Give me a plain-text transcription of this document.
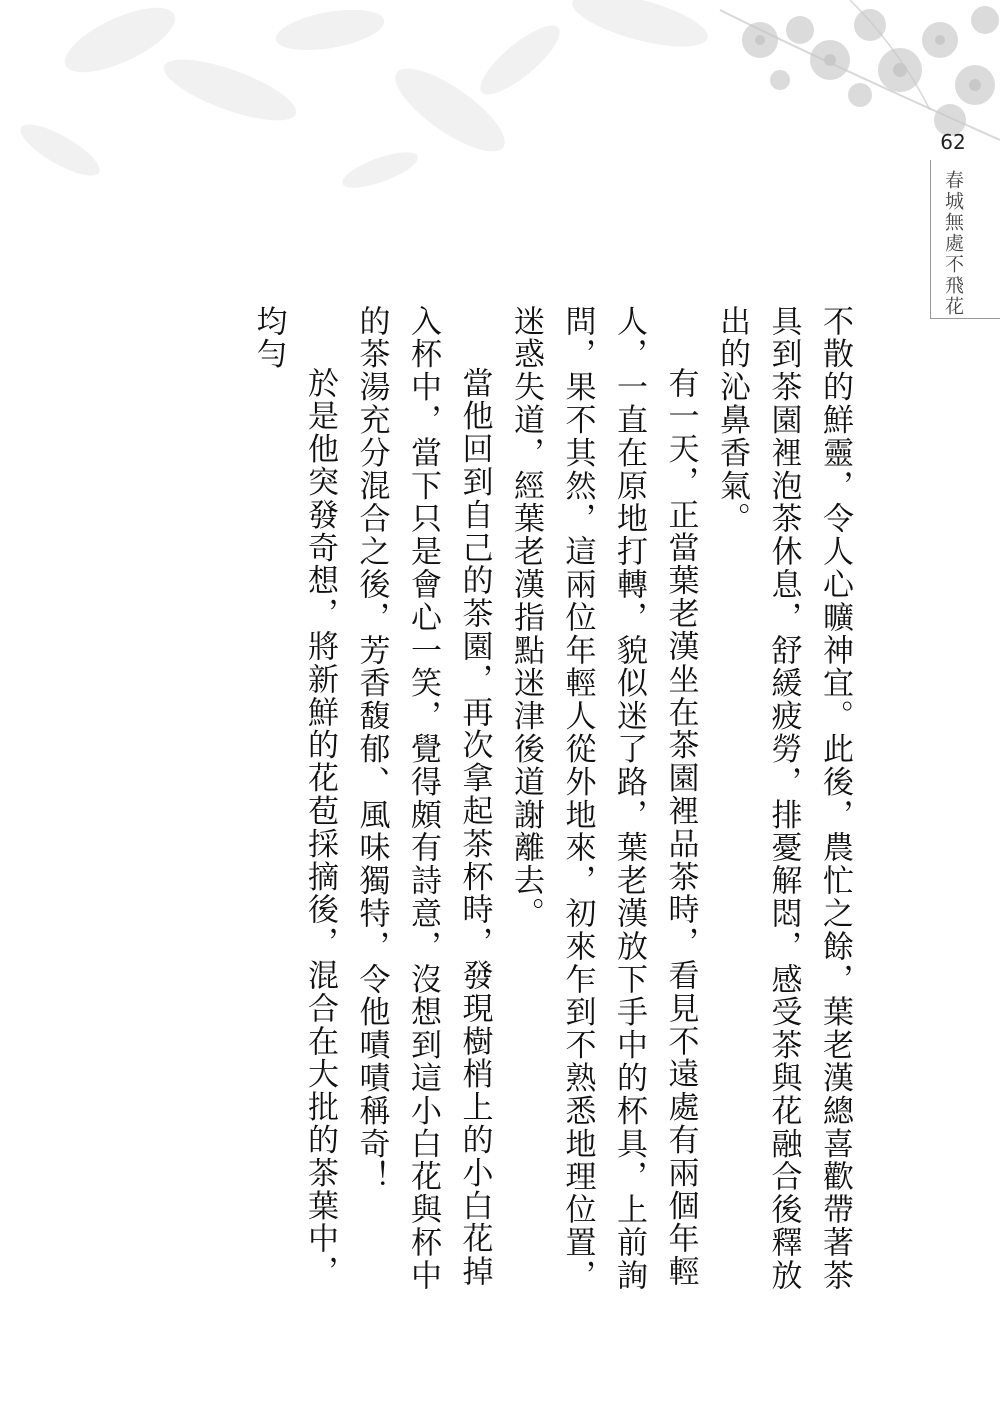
62
春城無處不飛花

不散的鮮靈，令人心曠神宜。此後，農忙之餘，葉老漢總喜歡帶著茶具到茶園裡泡茶休息，舒緩疲勞，排憂解悶，感受茶與花融合後釋放出的沁鼻香氣。

有一天，正當葉老漢坐在茶園裡品茶時，看見不遠處有兩個年輕人，一直在原地打轉，貌似迷了路，葉老漢放下手中的杯具，上前詢問，果不其然，這兩位年輕人從外地來，初來乍到不熟悉地理位置，迷惑失道，經葉老漢指點迷津後道謝離去。

當他回到自己的茶園，再次拿起茶杯時，發現樹梢上的小白花掉入杯中，當下只是會心一笑，覺得頗有詩意，沒想到這小白花與杯中的茶湯充分混合之後，芳香馥郁、風味獨特，令他嘖嘖稱奇！

於是他突發奇想，將新鮮的花苞採摘後，混合在大批的茶葉中，均勻
